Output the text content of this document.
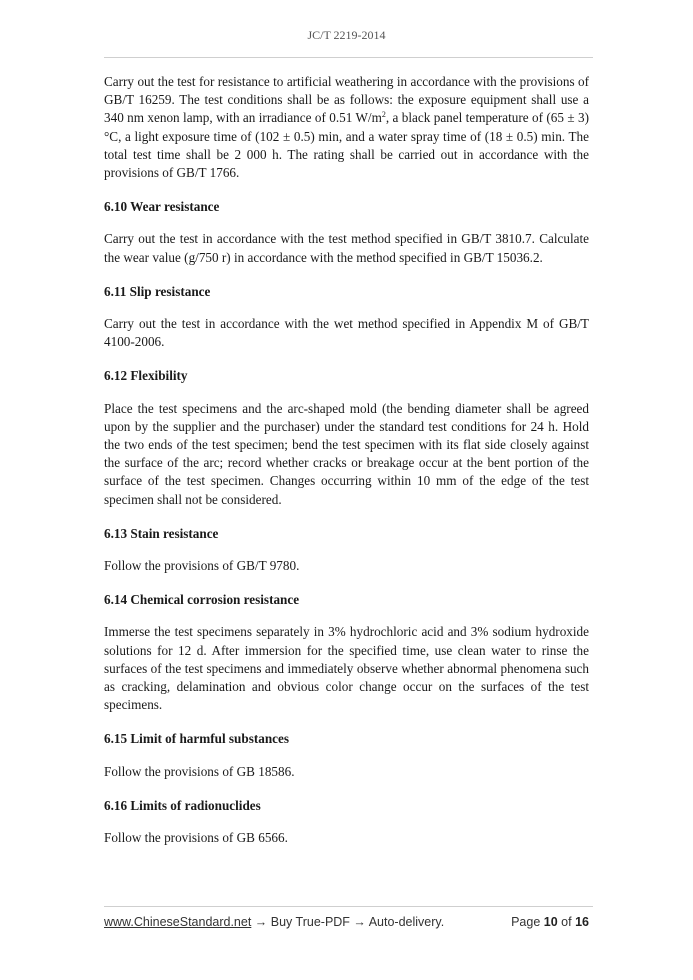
JC/T 2219-2014

Carry out the test for resistance to artificial weathering in accordance with the provisions of GB/T 16259. The test conditions shall be as follows: the exposure equipment shall use a 340 nm xenon lamp, with an irradiance of 0.51 $W/m^2$, a black panel temperature of (65 ± 3) °C, a light exposure time of (102 ± 0.5) min, and a water spray time of (18 ± 0.5) min. The total test time shall be 2 000 h. The rating shall be carried out in accordance with the provisions of GB/T 1766.

6.10 Wear resistance

Carry out the test in accordance with the test method specified in GB/T 3810.7. Calculate the wear value (g/750 r) in accordance with the method specified in GB/T 15036.2.

6.11 Slip resistance

Carry out the test in accordance with the wet method specified in Appendix M of GB/T 4100-2006.

6.12 Flexibility

Place the test specimens and the arc-shaped mold (the bending diameter shall be agreed upon by the supplier and the purchaser) under the standard test conditions for 24 h. Hold the two ends of the test specimen; bend the test specimen with its flat side closely against the surface of the arc; record whether cracks or breakage occur at the bent portion of the surface of the test specimen. Changes occurring within 10 mm of the edge of the test specimen shall not be considered.

6.13 Stain resistance

Follow the provisions of GB/T 9780.

6.14 Chemical corrosion resistance

Immerse the test specimens separately in 3% hydrochloric acid and 3% sodium hydroxide solutions for 12 d. After immersion for the specified time, use clean water to rinse the surfaces of the test specimens and immediately observe whether abnormal phenomena such as cracking, delamination and obvious color change occur on the surfaces of the test specimens.

6.15 Limit of harmful substances

Follow the provisions of GB 18586.

6.16 Limits of radionuclides

Follow the provisions of GB 6566.

www.ChineseStandard.net → Buy True-PDF → Auto-delivery.	Page 10 of 16
